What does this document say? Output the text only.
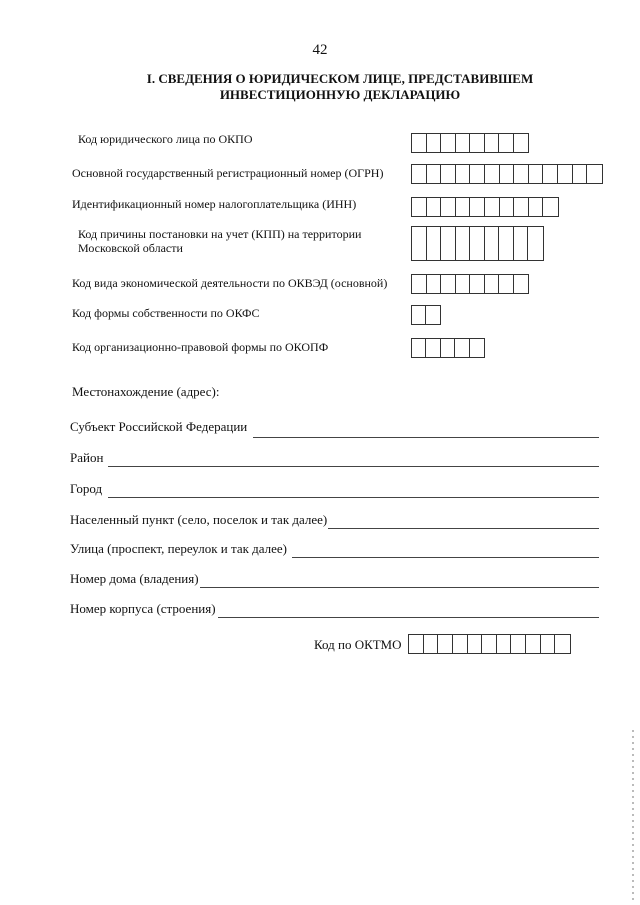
42
I. СВЕДЕНИЯ О ЮРИДИЧЕСКОМ ЛИЦЕ, ПРЕДСТАВИВШЕМ
ИНВЕСТИЦИОННУЮ ДЕКЛАРАЦИЮ
Код юридического лица по ОКПО
Основной государственный регистрационный номер (ОГРН)
Идентификационный номер налогоплательщика (ИНН)
Код причины постановки на учет (КПП) на территории
Московской области
Код вида экономической деятельности по ОКВЭД (основной)
Код формы собственности по ОКФС
Код организационно-правовой формы по ОКОПФ
Местонахождение (адрес):
Субъект Российской Федерации
Район
Город
Населенный пункт (село, поселок и так далее)
Улица (проспект, переулок и так далее)
Номер дома (владения)
Номер корпуса (строения)
Код по ОКТМО
